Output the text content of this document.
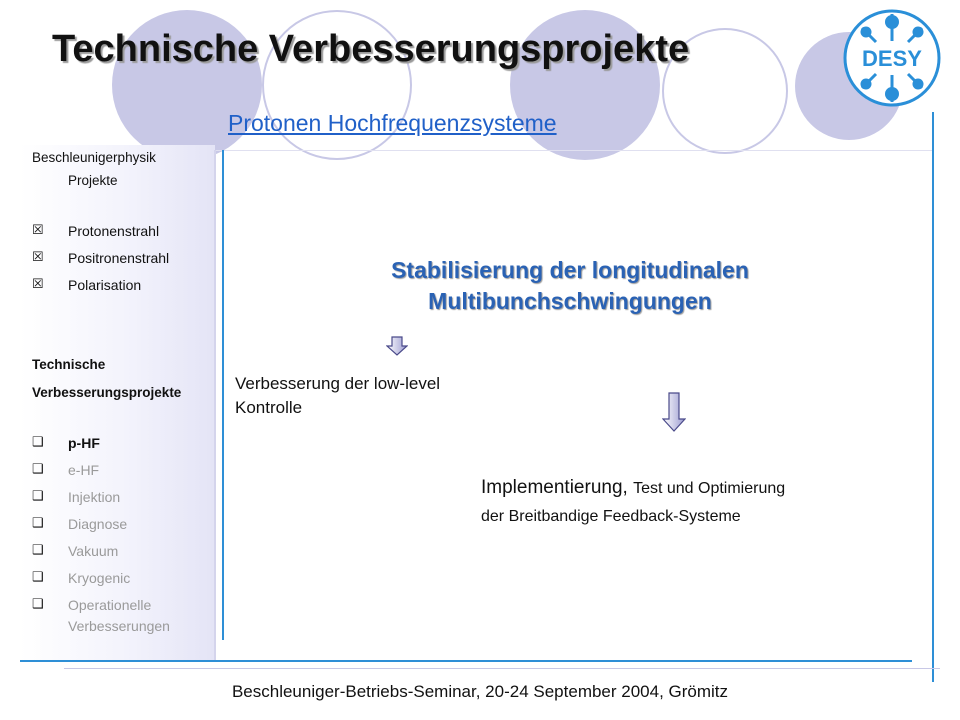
DESY
Technische Verbesserungsprojekte
Protonen Hochfrequenzsysteme
Beschleunigerphysik
Projekte
☒ Protonenstrahl
☒ Positronenstrahl
☒ Polarisation
Technische
Verbesserungsprojekte
❑ p-HF
❑ e-HF
❑ Injektion
❑ Diagnose
❑ Vakuum
❑ Kryogenic
❑ Operationelle
Verbesserungen
Stabilisierung der longitudinalen
Multibunchschwingungen
Verbesserung der low-level
Kontrolle
Implementierung, Test und Optimierung
der Breitbandige Feedback-Systeme
Beschleuniger-Betriebs-Seminar, 20-24 September 2004, Grömitz
